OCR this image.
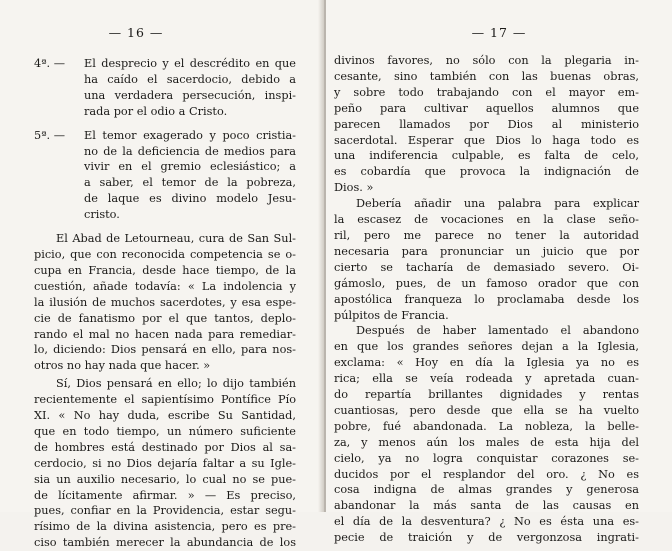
— 16 —
4ª. —	El desprecio y el descrédito en que
ha caído el sacerdocio, debido a
una verdadera persecución, inspi-
rada por el odio a Cristo.
5ª. —	El temor exagerado y poco cristia-
no de la deficiencia de medios para
vivir en el gremio eclesiástico; a
a saber, el temor de la pobreza,
de laque es divino modelo Jesu-
cristo.
El Abad de Letourneau, cura de San Sul-
picio, que con reconocida competencia se o-
cupa en Francia, desde hace tiempo, de la
cuestión, añade todavía: « La indolencia y
la ilusión de muchos sacerdotes, y esa espe-
cie de fanatismo por el que tantos, deplo-
rando el mal no hacen nada para remediar-
lo, diciendo: Dios pensará en ello, para nos-
otros no hay nada que hacer. »
Sí, Dios pensará en ello; lo dijo también
recientemente el sapientísimo Pontífice Pío
XI. « No hay duda, escribe Su Santidad,
que en todo tiempo, un número suficiente
de hombres está destinado por Dios al sa-
cerdocio, si no Dios dejaría faltar a su Igle-
sia un auxilio necesario, lo cual no se pue-
de lícitamente afirmar. » — Es preciso,
pues, confiar en la Providencia, estar segu-
rísimo de la divina asistencia, pero es pre-
ciso también merecer la abundancia de los
— 17 —
divinos favores, no sólo con la plegaria in-
cesante, sino también con las buenas obras,
y sobre todo trabajando con el mayor em-
peño para cultivar aquellos alumnos que
parecen llamados por Dios al ministerio
sacerdotal. Esperar que Dios lo haga todo es
una indiferencia culpable, es falta de celo,
es cobardía que provoca la indignación de
Dios. »
Debería añadir una palabra para explicar
la escasez de vocaciones en la clase seño-
ril, pero me parece no tener la autoridad
necesaria para pronunciar un juicio que por
cierto se tacharía de demasiado severo. Oi-
gámoslo, pues, de un famoso orador que con
apostólica franqueza lo proclamaba desde los
púlpitos de Francia.
Después de haber lamentado el abandono
en que los grandes señores dejan a la Iglesia,
exclama: « Hoy en día la Iglesia ya no es
rica; ella se veía rodeada y apretada cuan-
do repartía brillantes dignidades y rentas
cuantiosas, pero desde que ella se ha vuelto
pobre, fué abandonada. La nobleza, la belle-
za, y menos aún los males de esta hija del
cielo, ya no logra conquistar corazones se-
ducidos por el resplandor del oro. ¿ No es
cosa indigna de almas grandes y generosa
abandonar la más santa de las causas en
el día de la desventura? ¿ No es ésta una es-
pecie de traición y de vergonzosa ingrati-
